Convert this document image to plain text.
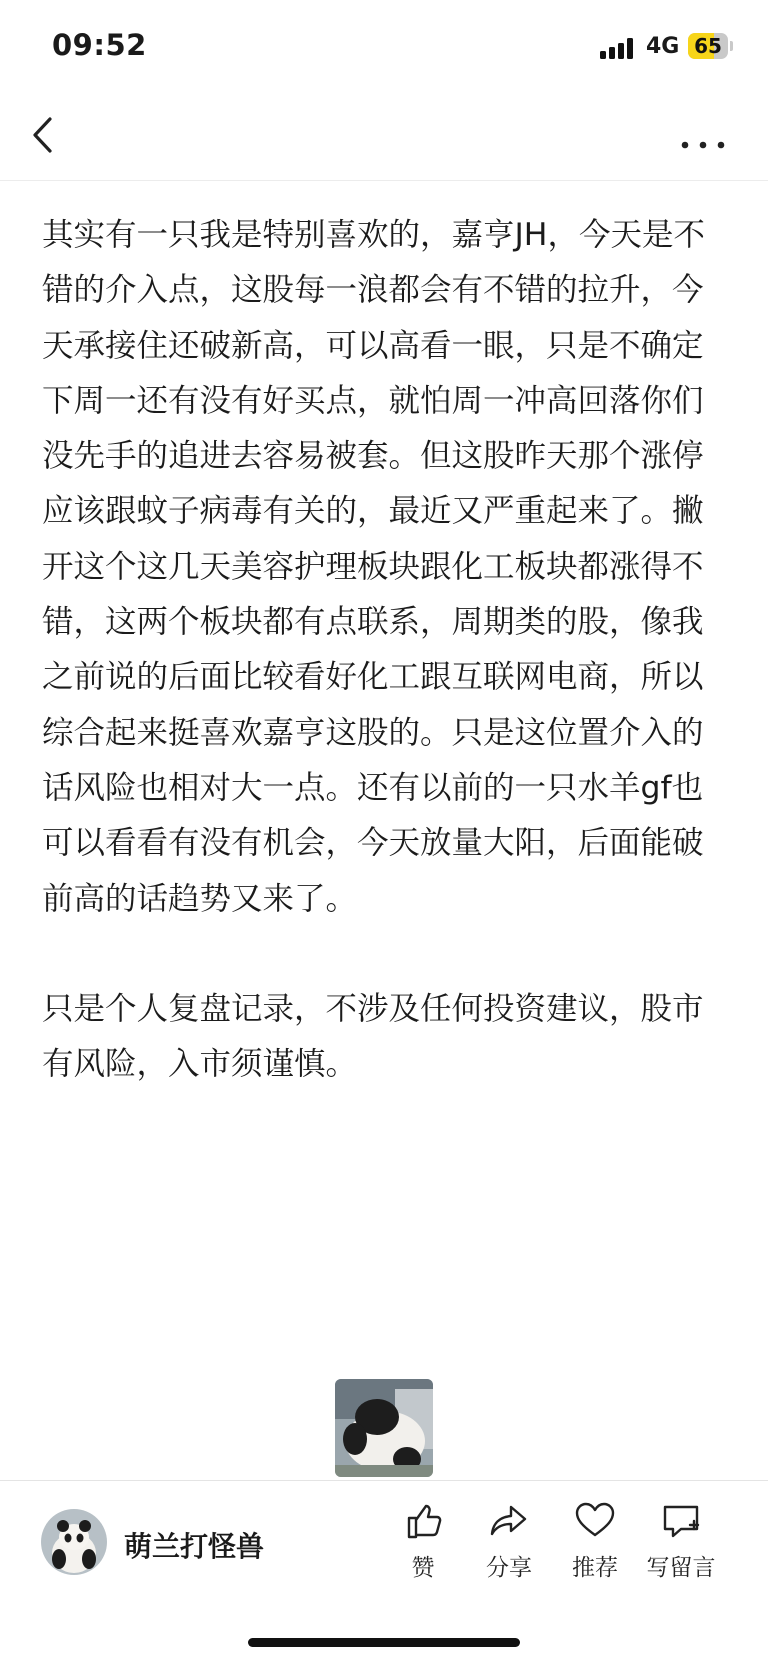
09:52	4G 65

其实有一只我是特别喜欢的，嘉亨JH，今天是不错的介入点，这股每一浪都会有不错的拉升，今天承接住还破新高，可以高看一眼，只是不确定下周一还有没有好买点，就怕周一冲高回落你们没先手的追进去容易被套。但这股昨天那个涨停应该跟蚊子病毒有关的，最近又严重起来了。撇开这个这几天美容护理板块跟化工板块都涨得不错，这两个板块都有点联系，周期类的股，像我之前说的后面比较看好化工跟互联网电商，所以综合起来挺喜欢嘉亨这股的。只是这位置介入的话风险也相对大一点。还有以前的一只水羊gf也可以看看有没有机会，今天放量大阳，后面能破前高的话趋势又来了。

只是个人复盘记录，不涉及任何投资建议，股市有风险，入市须谨慎。

萌兰打怪兽
赞	分享	推荐	写留言
